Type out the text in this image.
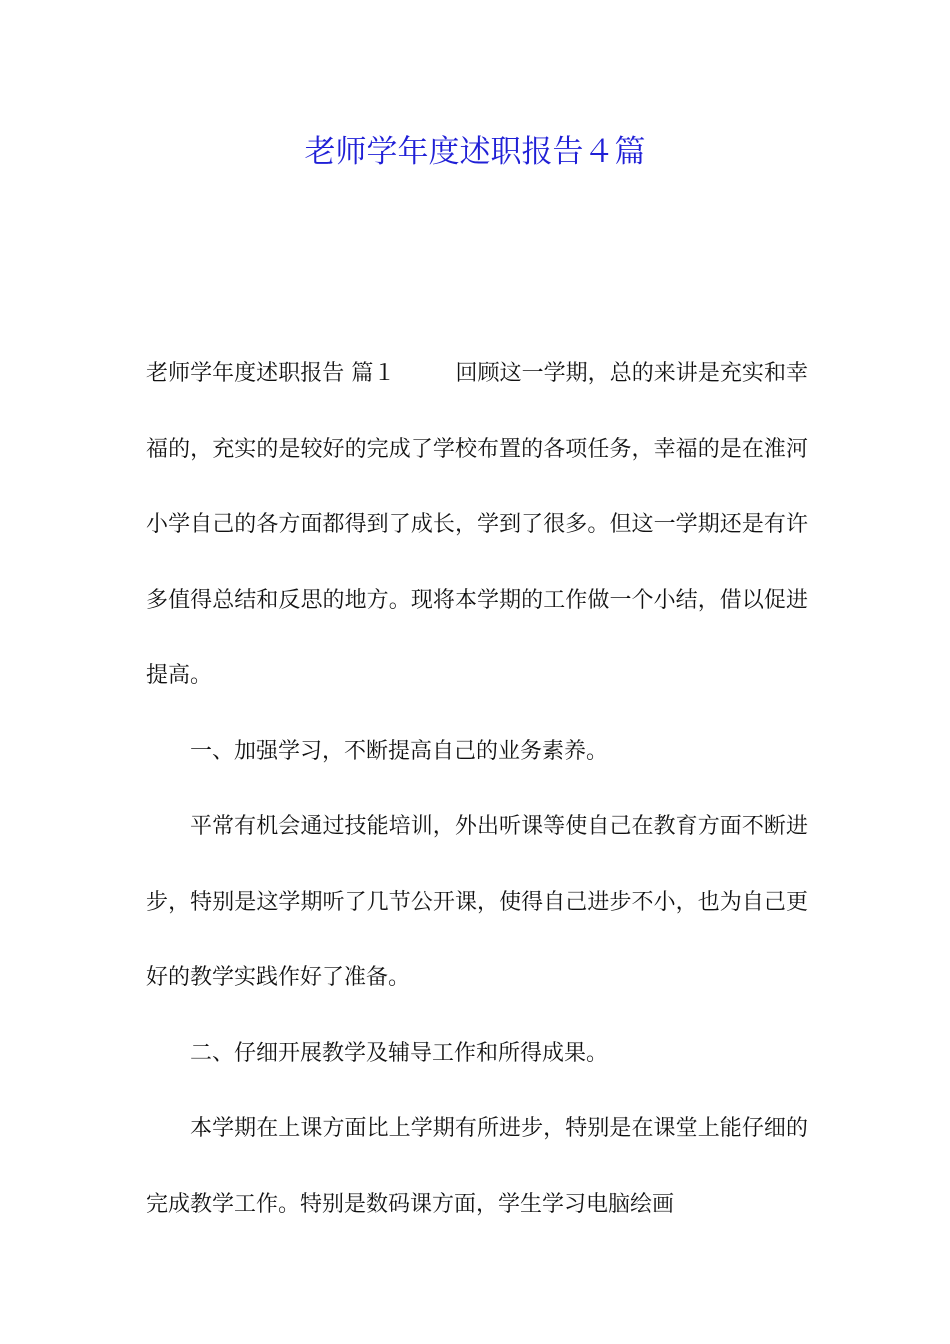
老师学年度述职报告４篇

老师学年度述职报告 篇１	回顾这一学期，总的来讲是充实和幸福的，充实的是较好的完成了学校布置的各项任务，幸福的是在淮河小学自己的各方面都得到了成长，学到了很多。但这一学期还是有许多值得总结和反思的地方。现将本学期的工作做一个小结，借以促进提高。

一、加强学习，不断提高自己的业务素养。

平常有机会通过技能培训，外出听课等使自己在教育方面不断进步，特别是这学期听了几节公开课，使得自己进步不小，也为自己更好的教学实践作好了准备。

二、仔细开展教学及辅导工作和所得成果。

本学期在上课方面比上学期有所进步，特别是在课堂上能仔细的完成教学工作。特别是数码课方面，学生学习电脑绘画
